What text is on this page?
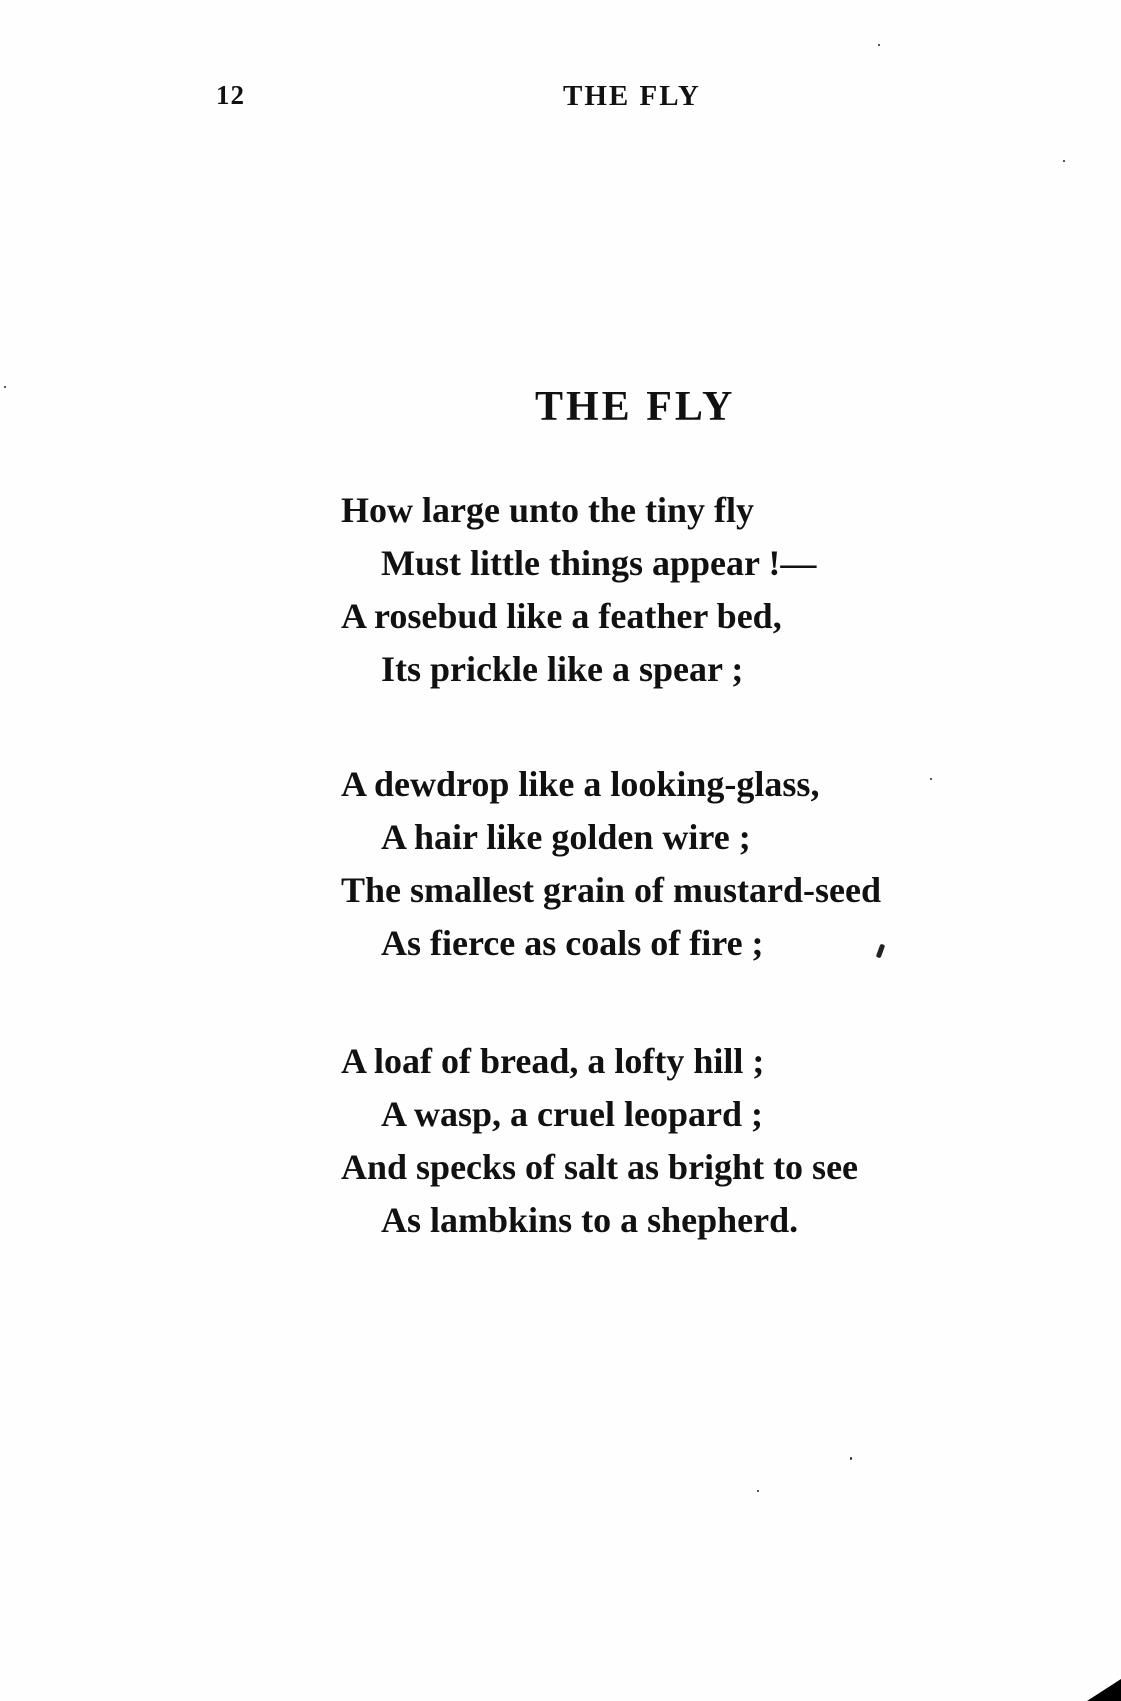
12	THE FLY
THE FLY
How large unto the tiny fly
Must little things appear !—
A rosebud like a feather bed,
Its prickle like a spear ;
A dewdrop like a looking-glass,
A hair like golden wire ;
The smallest grain of mustard-seed
As fierce as coals of fire ;
A loaf of bread, a lofty hill ;
A wasp, a cruel leopard ;
And specks of salt as bright to see
As lambkins to a shepherd.
